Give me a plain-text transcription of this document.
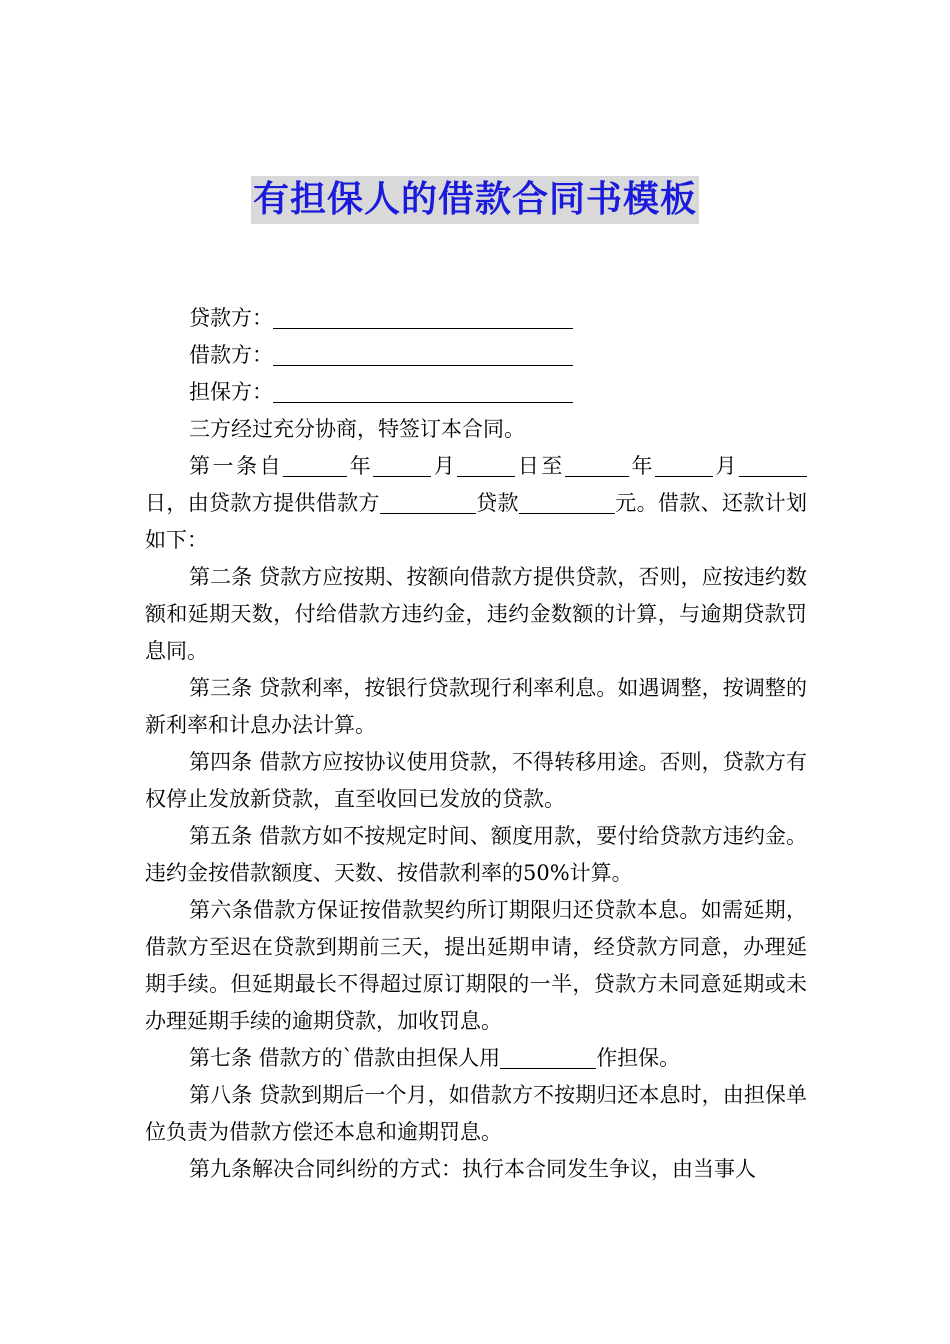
有担保人的借款合同书模板

贷款方：

借款方：

担保方：

三方经过充分协商，特签订本合同。

第一条自	年	月	日至	年	月日，由贷款方提供借款方	贷款	元。借款、还款计划如下：

第二条 贷款方应按期、按额向借款方提供贷款，否则，应按违约数额和延期天数，付给借款方违约金，违约金数额的计算，与逾期贷款罚息同。

第三条 贷款利率，按银行贷款现行利率利息。如遇调整，按调整的新利率和计息办法计算。

第四条 借款方应按协议使用贷款，不得转移用途。否则，贷款方有权停止发放新贷款，直至收回已发放的贷款。

第五条 借款方如不按规定时间、额度用款，要付给贷款方违约金。违约金按借款额度、天数、按借款利率的50%计算。

第六条借款方保证按借款契约所订期限归还贷款本息。如需延期，借款方至迟在贷款到期前三天，提出延期申请，经贷款方同意，办理延期手续。但延期最长不得超过原订期限的一半，贷款方未同意延期或未办理延期手续的逾期贷款，加收罚息。

第七条 借款方的`借款由担保人用	作担保。

第八条 贷款到期后一个月，如借款方不按期归还本息时，由担保单位负责为借款方偿还本息和逾期罚息。

第九条解决合同纠纷的方式：执行本合同发生争议，由当事人
